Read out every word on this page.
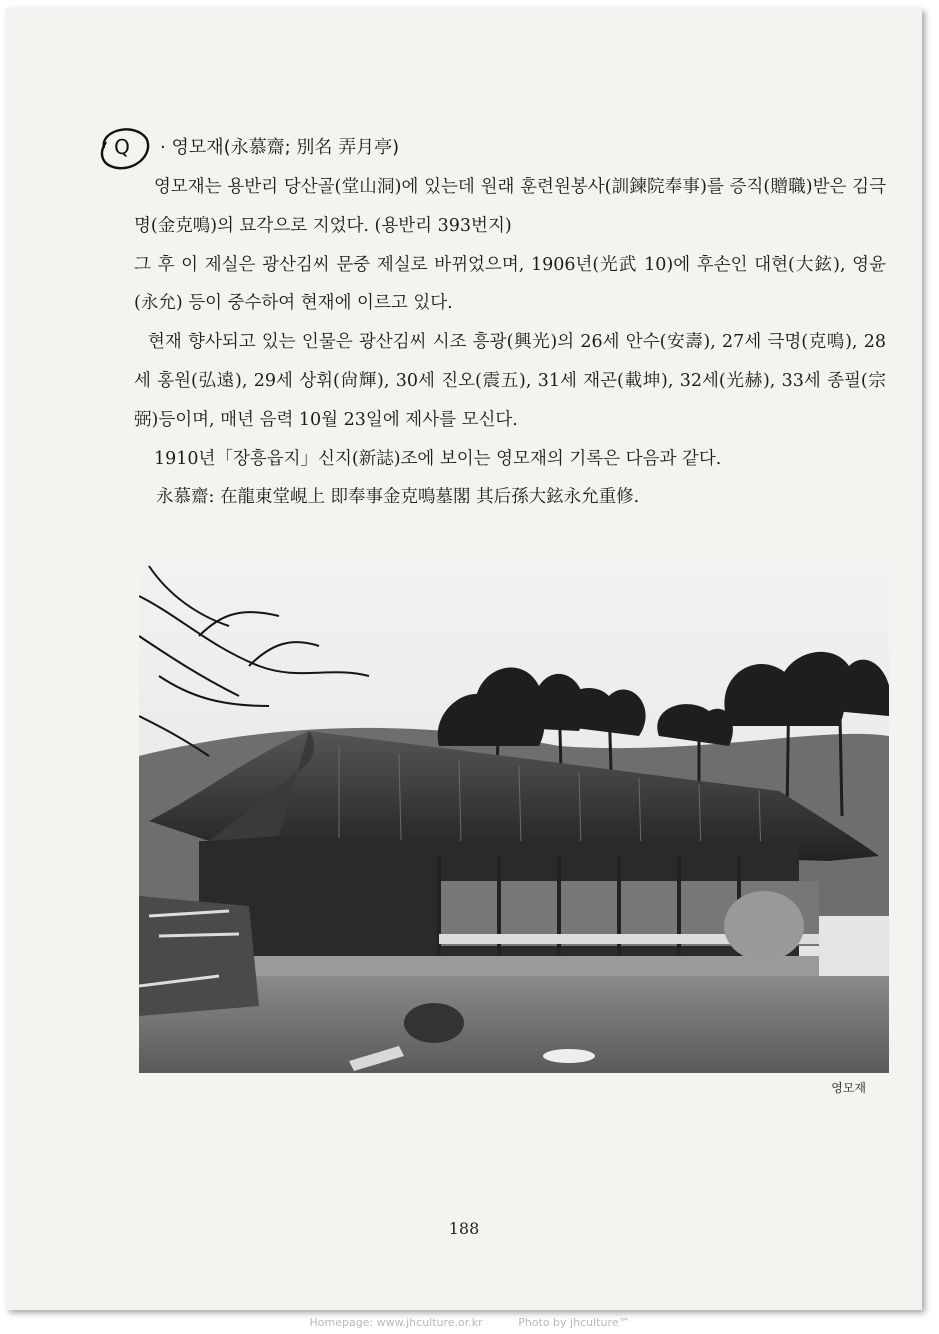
Q · 영모재(永慕齋; 別名 弄月亭)

영모재는 용반리 당산골(堂山洞)에 있는데 원래 훈련원봉사(訓鍊院奉事)를 증직(贈職)받은 김극명(金克鳴)의 묘각으로 지었다. (용반리 393번지)

그 후 이 제실은 광산김씨 문중 제실로 바뀌었으며, 1906년(光武 10)에 후손인 대현(大鉉), 영윤(永允) 등이 중수하여 현재에 이르고 있다.

현재 향사되고 있는 인물은 광산김씨 시조 흥광(興光)의 26세 안수(安壽), 27세 극명(克鳴), 28세 홍원(弘遠), 29세 상휘(尙輝), 30세 진오(震五), 31세 재곤(載坤), 32세(光赫), 33세 종필(宗弼)등이며, 매년 음력 10월 23일에 제사를 모신다.

1910년「장흥읍지」신지(新誌)조에 보이는 영모재의 기록은 다음과 같다.

永慕齋: 在龍東堂峴上 即奉事金克鳴墓閣 其后孫大鉉永允重修.

영모재
188
Homepage: www.jhculture.or.kr	Photo by jhculture™
